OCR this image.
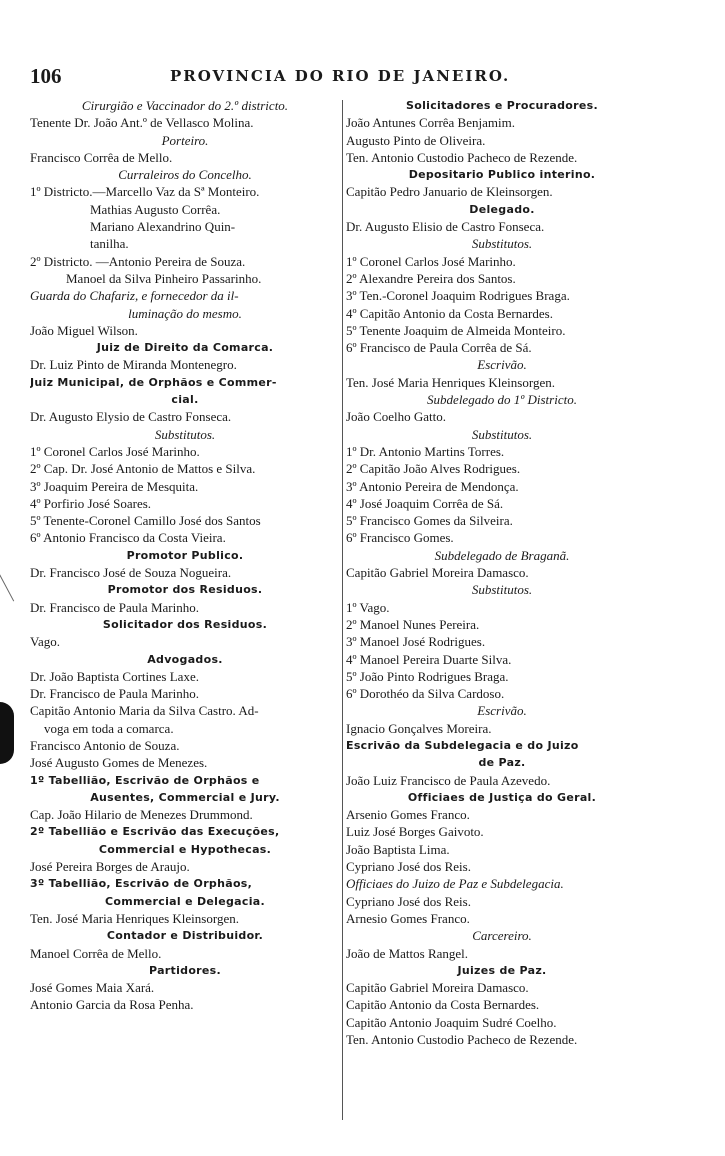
106	PROVINCIA DO RIO DE JANEIRO.
Cirurgião e Vaccinador do 2.º districto.
Tenente Dr. João Ant.º de Vellasco Molina.
Porteiro.
Francisco Corrêa de Mello.
Curraleiros do Concelho.
1º Districto.—Marcello Vaz da Sª Monteiro.
Mathias Augusto Corrêa.
Mariano Alexandrino Quin-
tanilha.
2º Districto. —Antonio Pereira de Souza.
Manoel da Silva Pinheiro Passarinho.
Guarda do Chafariz, e fornecedor da il-
luminação do mesmo.
João Miguel Wilson.
Juiz de Direito da Comarca.
Dr. Luiz Pinto de Miranda Montenegro.
Juiz Municipal, de Orphãos e Commer-
cial.
Dr. Augusto Elysio de Castro Fonseca.
Substitutos.
1º Coronel Carlos José Marinho.
2º Cap. Dr. José Antonio de Mattos e Silva.
3º Joaquim Pereira de Mesquita.
4º Porfirio José Soares.
5º Tenente-Coronel Camillo José dos Santos
6º Antonio Francisco da Costa Vieira.
Promotor Publico.
Dr. Francisco José de Souza Nogueira.
Promotor dos Residuos.
Dr. Francisco de Paula Marinho.
Solicitador dos Residuos.
Vago.
Advogados.
Dr. João Baptista Cortines Laxe.
Dr. Francisco de Paula Marinho.
Capitão Antonio Maria da Silva Castro. Ad-
voga em toda a comarca.
Francisco Antonio de Souza.
José Augusto Gomes de Menezes.
1º Tabellião, Escrivão de Orphãos e
Ausentes, Commercial e Jury.
Cap. João Hilario de Menezes Drummond.
2º Tabellião e Escrivão das Execuções,
Commercial e Hypothecas.
José Pereira Borges de Araujo.
3º Tabellião, Escrivão de Orphãos,
Commercial e Delegacia.
Ten. José Maria Henriques Kleinsorgen.
Contador e Distribuidor.
Manoel Corrêa de Mello.
Partidores.
José Gomes Maia Xará.
Antonio Garcia da Rosa Penha.
Solicitadores e Procuradores.
João Antunes Corrêa Benjamim.
Augusto Pinto de Oliveira.
Ten. Antonio Custodio Pacheco de Rezende.
Depositario Publico interino.
Capitão Pedro Januario de Kleinsorgen.
Delegado.
Dr. Augusto Elisio de Castro Fonseca.
Substitutos.
1º Coronel Carlos José Marinho.
2º Alexandre Pereira dos Santos.
3º Ten.-Coronel Joaquim Rodrigues Braga.
4º Capitão Antonio da Costa Bernardes.
5º Tenente Joaquim de Almeida Monteiro.
6º Francisco de Paula Corrêa de Sá.
Escrivão.
Ten. José Maria Henriques Kleinsorgen.
Subdelegado do 1º Districto.
João Coelho Gatto.
Substitutos.
1º Dr. Antonio Martins Torres.
2º Capitão João Alves Rodrigues.
3º Antonio Pereira de Mendonça.
4º José Joaquim Corrêa de Sá.
5º Francisco Gomes da Silveira.
6º Francisco Gomes.
Subdelegado de Braganã.
Capitão Gabriel Moreira Damasco.
Substitutos.
1º Vago.
2º Manoel Nunes Pereira.
3º Manoel José Rodrigues.
4º Manoel Pereira Duarte Silva.
5º João Pinto Rodrigues Braga.
6º Dorothéo da Silva Cardoso.
Escrivão.
Ignacio Gonçalves Moreira.
Escrivão da Subdelegacia e do Juizo
de Paz.
João Luiz Francisco de Paula Azevedo.
Officiaes de Justiça do Geral.
Arsenio Gomes Franco.
Luiz José Borges Gaivoto.
João Baptista Lima.
Cypriano José dos Reis.
Officiaes do Juizo de Paz e Subdelegacia.
Cypriano José dos Reis.
Arnesio Gomes Franco.
Carcereiro.
João de Mattos Rangel.
Juizes de Paz.
Capitão Gabriel Moreira Damasco.
Capitão Antonio da Costa Bernardes.
Capitão Antonio Joaquim Sudré Coelho.
Ten. Antonio Custodio Pacheco de Rezende.
